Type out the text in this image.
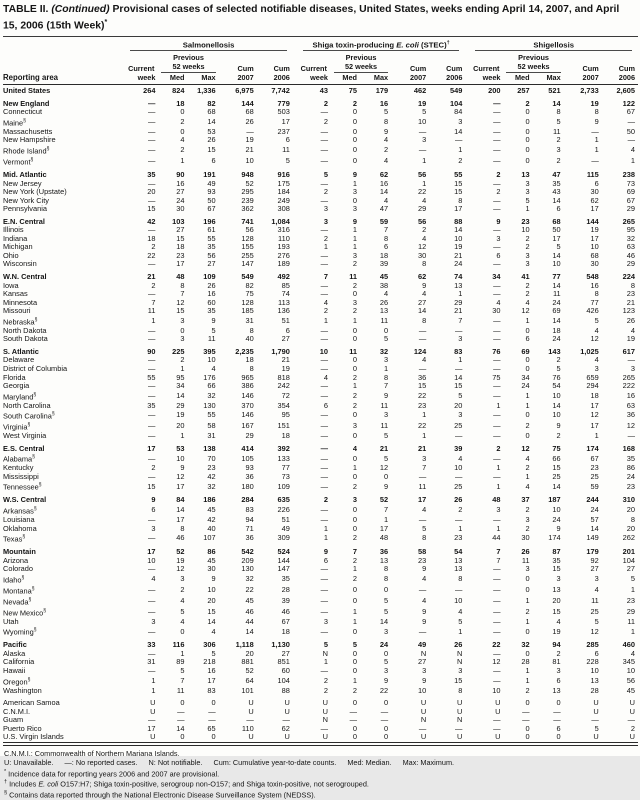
TABLE II. (Continued) Provisional cases of selected notifiable diseases, United States, weeks ending April 14, 2007, and April 15, 2006 (15th Week)*
Reporting area	Salmonellosis					Shiga toxin-producing E. coli (STEC)†					Shigellosis				

		Previous					Previous					Previous			
	Current	52 weeks		Cum	Cum	Current	52 weeks		Cum	Cum	Current	52 weeks		Cum	Cum
	week	Med	Max	2007	2006	week	Med	Max	2007	2006	week	Med	Max	2007	2006
United States	264	824	1,336	6,975	7,742	43	75	179	462	549	200	257	521	2,733	2,605

New England	—	18	82	144	779	2	2	16	19	104	—	2	14	19	122
Connecticut	—	0	68	68	503	—	0	5	5	84	—	0	8	8	67
Maine§	—	2	14	26	17	2	0	8	10	3	—	0	5	9	—
Massachusetts	—	0	53	—	237	—	0	9	—	14	—	0	11	—	50
New Hampshire	—	4	26	19	6	—	0	4	3	—	—	0	2	1	—
Rhode Island§	—	2	15	21	11	—	0	2	—	1	—	0	3	1	4
Vermont§	—	1	6	10	5	—	0	4	1	2	—	0	2	—	1

Mid. Atlantic	35	90	191	948	916	5	9	62	56	55	2	13	47	115	238
New Jersey	—	16	49	52	175	—	1	16	1	15	—	3	35	6	73
New York (Upstate)	20	27	93	295	184	2	3	14	22	15	2	3	43	30	69
New York City	—	24	50	239	249	—	0	4	4	8	—	5	14	62	67
Pennsylvania	15	30	67	362	308	3	3	47	29	17	—	1	6	17	29

E.N. Central	42	103	196	741	1,084	3	9	59	56	88	9	23	68	144	265
Illinois	—	27	61	56	316	—	1	7	2	14	—	10	50	19	95
Indiana	18	15	55	128	110	2	1	8	4	10	3	2	17	17	32
Michigan	2	18	35	155	193	1	1	6	12	19	—	2	5	10	63
Ohio	22	23	56	255	276	—	3	18	30	21	6	3	14	68	46
Wisconsin	—	17	27	147	189	—	2	39	8	24	—	3	10	30	29

W.N. Central	21	48	109	549	492	7	11	45	62	74	34	41	77	548	224
Iowa	2	8	26	82	85	—	2	38	9	13	—	2	14	16	8
Kansas	—	7	16	75	74	—	0	4	4	1	—	2	11	8	23
Minnesota	7	12	60	128	113	4	3	26	27	29	4	4	24	77	21
Missouri	11	15	35	185	136	2	2	13	14	21	30	12	69	426	123
Nebraska§	1	3	9	31	51	1	1	11	8	7	—	1	14	5	26
North Dakota	—	0	5	8	6	—	0	0	—	—	—	0	18	4	4
South Dakota	—	3	11	40	27	—	0	5	—	3	—	6	24	12	19

S. Atlantic	90	225	395	2,235	1,790	10	11	32	124	83	76	69	143	1,025	617
Delaware	—	2	10	18	21	—	0	3	4	1	—	0	2	4	—
District of Columbia	—	1	4	8	19	—	0	1	—	—	—	0	5	3	3
Florida	55	95	176	965	818	4	2	8	36	14	75	34	76	659	265
Georgia	—	34	66	386	242	—	1	7	15	15	—	24	54	294	222
Maryland§	—	14	32	146	72	—	2	9	22	5	—	1	10	18	16
North Carolina	35	29	130	370	354	6	2	11	23	20	1	1	14	17	63
South Carolina§	—	19	55	146	95	—	0	3	1	3	—	0	10	12	36
Virginia§	—	20	58	167	151	—	3	11	22	25	—	2	9	17	12
West Virginia	—	1	31	29	18	—	0	5	1	—	—	0	2	1	—

E.S. Central	17	53	138	414	392	—	4	21	21	39	2	12	75	174	168
Alabama§	—	10	70	105	133	—	0	5	3	4	—	4	66	67	35
Kentucky	2	9	23	93	77	—	1	12	7	10	1	2	15	23	86
Mississippi	—	12	42	36	73	—	0	0	—	—	—	1	25	25	24
Tennessee§	15	17	32	180	109	—	2	9	11	25	1	4	14	59	23

W.S. Central	9	84	186	284	635	2	3	52	17	26	48	37	187	244	310
Arkansas§	6	14	45	83	226	—	0	7	4	2	3	2	10	24	20
Louisiana	—	17	42	94	51	—	0	1	—	—	—	3	24	57	8
Oklahoma	3	8	40	71	49	1	0	17	5	1	1	2	9	14	20
Texas§	—	46	107	36	309	1	2	48	8	23	44	30	174	149	262

Mountain	17	52	86	542	524	9	7	36	58	54	7	26	87	179	201
Arizona	10	19	45	209	144	6	2	13	23	13	7	11	35	92	104
Colorado	—	12	30	130	147	—	1	8	9	13	—	3	15	27	27
Idaho§	4	3	9	32	35	—	2	8	4	8	—	0	3	3	5
Montana§	—	2	10	22	28	—	0	0	—	—	—	0	13	4	1
Nevada§	—	4	20	45	39	—	0	5	4	10	—	1	20	11	23
New Mexico§	—	5	15	46	46	—	1	5	9	4	—	2	15	25	29
Utah	3	4	14	44	67	3	1	14	9	5	—	1	4	5	11
Wyoming§	—	0	4	14	18	—	0	3	—	1	—	0	19	12	1

Pacific	33	116	306	1,118	1,130	5	5	24	49	26	22	32	94	285	460
Alaska	—	1	5	20	27	N	0	0	N	N	—	0	2	6	4
California	31	89	218	881	851	1	0	5	27	N	12	28	81	228	345
Hawaii	—	5	16	52	60	—	0	3	3	3	—	1	3	10	10
Oregon§	1	7	17	64	104	2	1	9	9	15	—	1	6	13	56
Washington	1	11	83	101	88	2	2	22	10	8	10	2	13	28	45

American Samoa	U	0	0	U	U	U	0	0	U	U	U	0	0	U	U
C.N.M.I.	U	—	—	U	U	U	—	—	U	U	U	—	—	U	U
Guam	—	—	—	—	—	N	—	—	N	N	—	—	—	—	—
Puerto Rico	17	14	65	110	62	—	0	0	—	—	—	0	6	5	2
U.S. Virgin Islands	U	0	0	U	U	U	0	0	U	U	U	0	0	U	U

C.N.M.I.: Commonwealth of Northern Mariana Islands.
U: Unavailable. —: No reported cases. N: Not notifiable. Cum: Cumulative year-to-date counts. Med: Median. Max: Maximum.
* Incidence data for reporting years 2006 and 2007 are provisional.
† Includes E. coli O157:H7; Shiga toxin-positive, serogroup non-O157; and Shiga toxin-positive, not serogrouped.
§ Contains data reported through the National Electronic Disease Surveillance System (NEDSS).
